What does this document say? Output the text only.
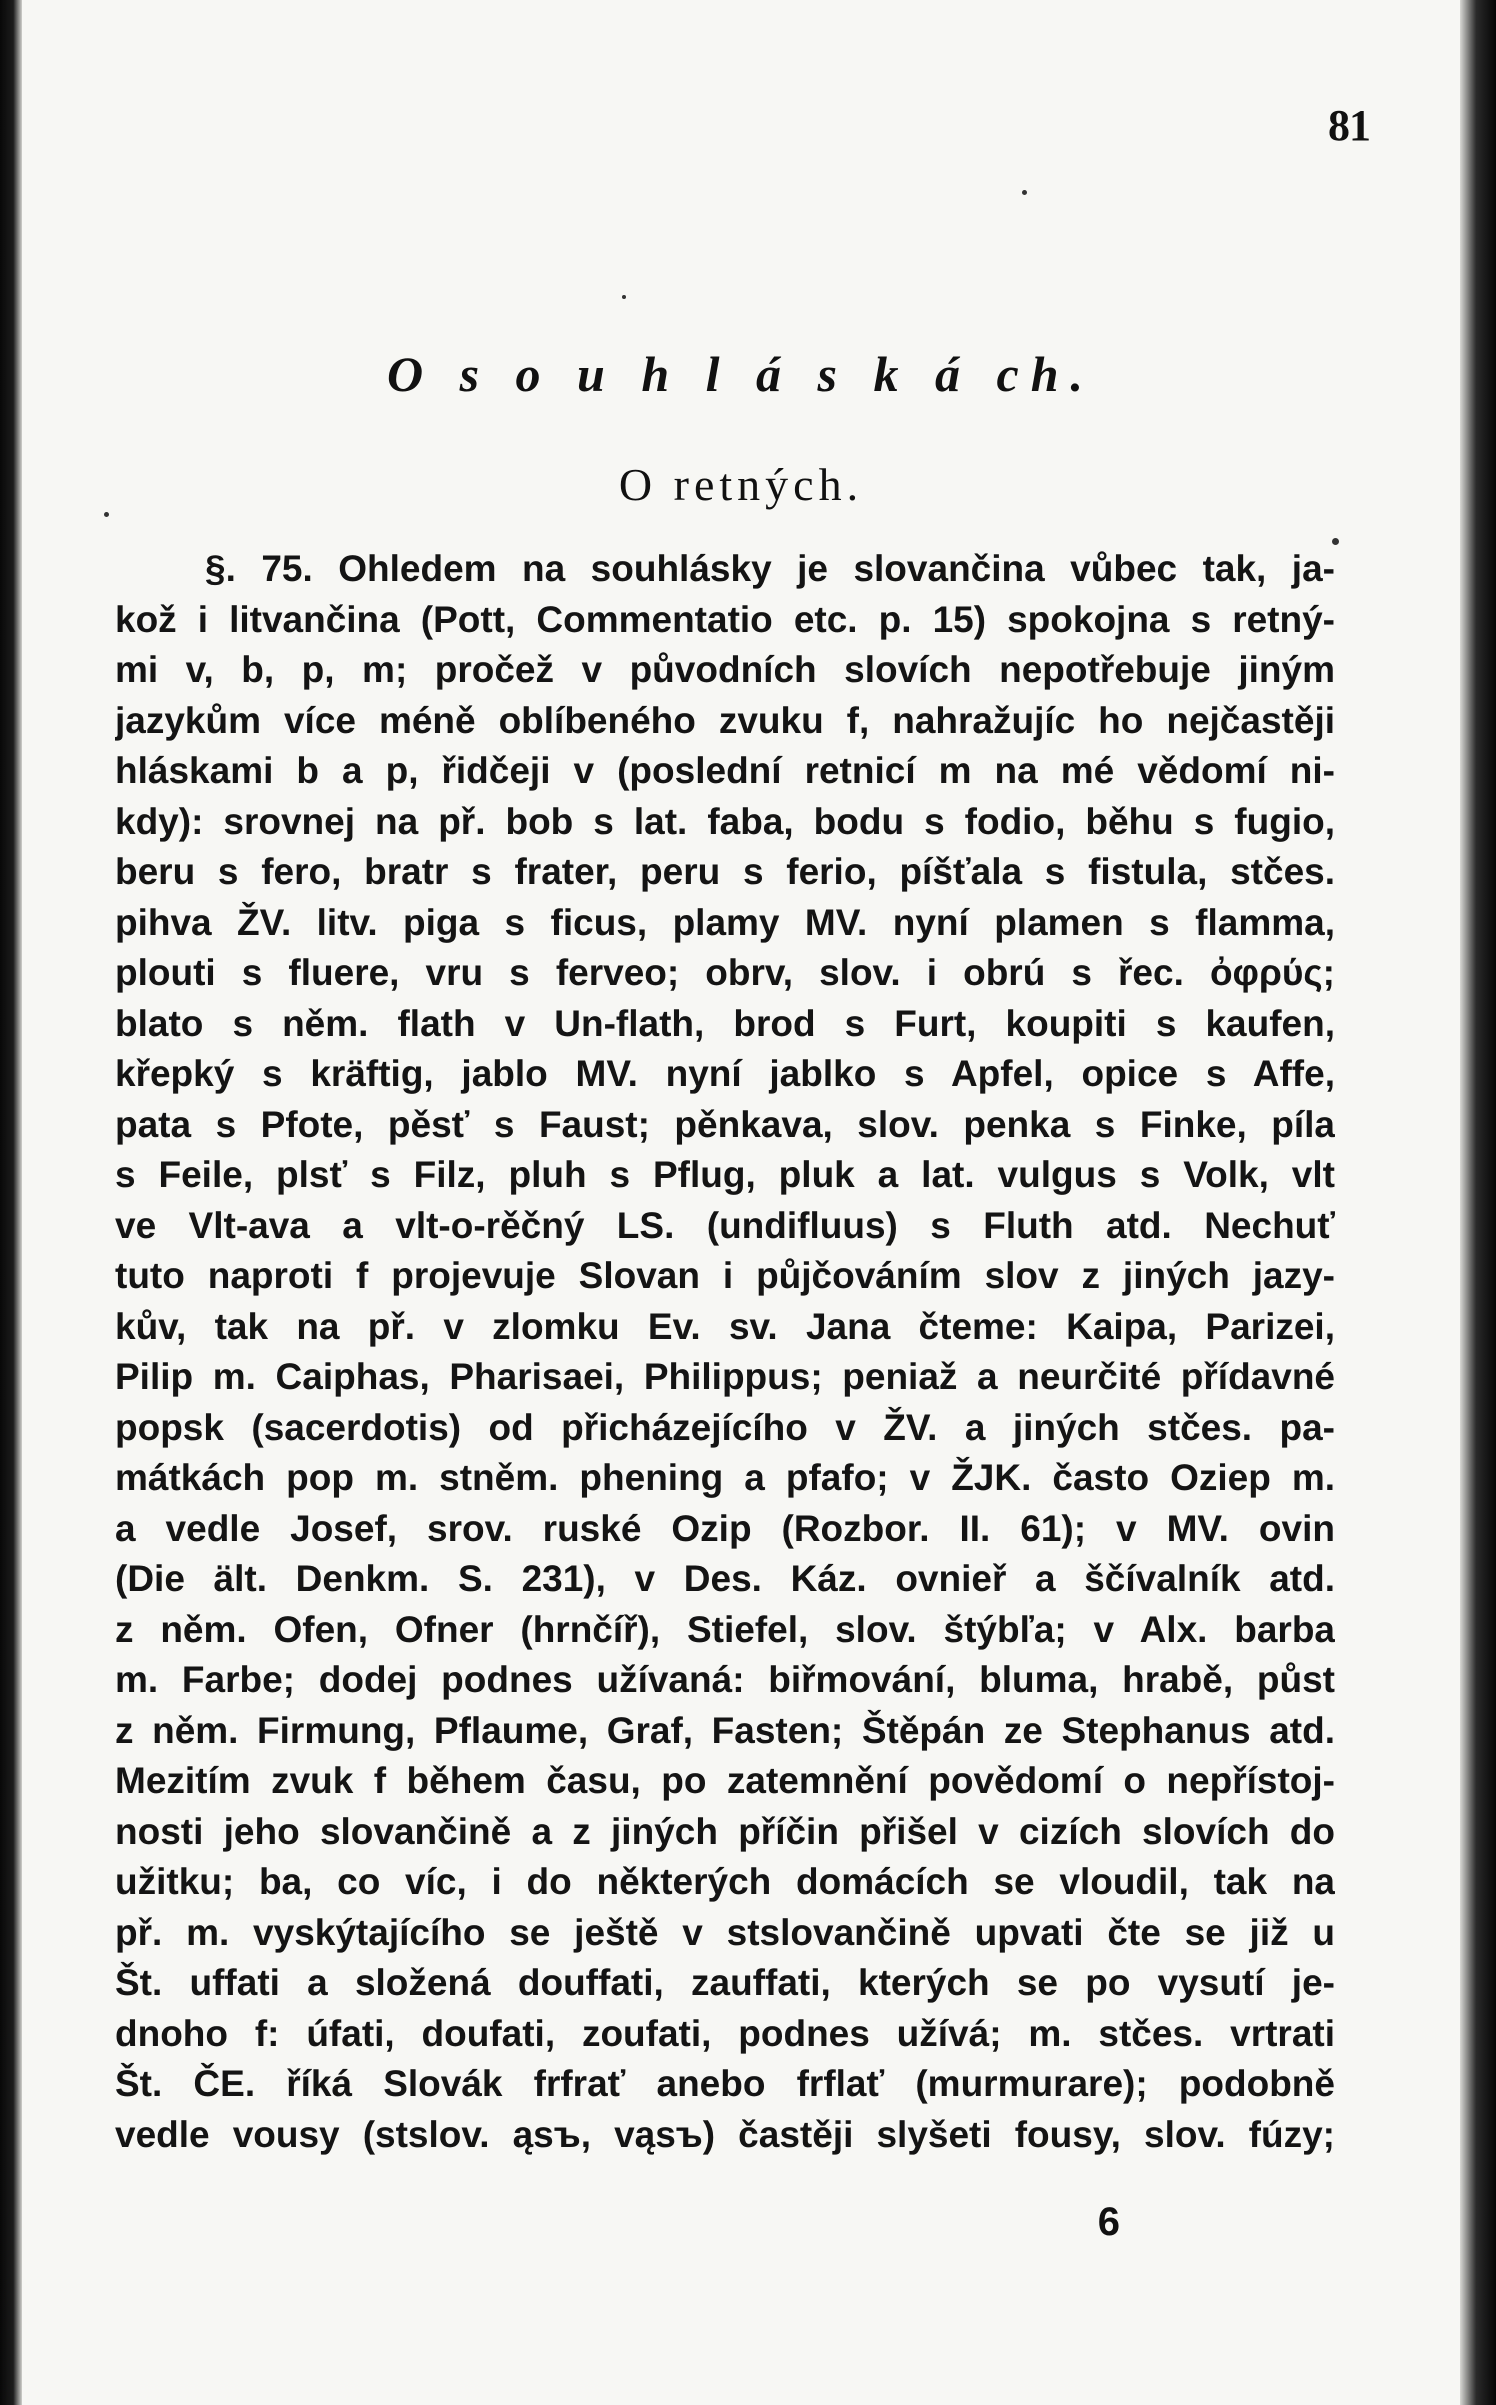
81
O s o u h l á s k á ch.
O retných.
§. 75. Ohledem na souhlásky je slovančina vůbec tak, ja-
kož i litvančina (Pott, Commentatio etc. p. 15) spokojna s retný-
mi v, b, p, m; pročež v původních slovích nepotřebuje jiným
jazykům více méně oblíbeného zvuku f, nahražujíc ho nejčastěji
hláskami b a p, řidčeji v (poslední retnicí m na mé vědomí ni-
kdy): srovnej na př. bob s lat. faba, bodu s fodio, běhu s fugio,
beru s fero, bratr s frater, peru s ferio, píšťala s fistula, stčes.
pihva ŽV. litv. piga s ficus, plamy MV. nyní plamen s flamma,
plouti s fluere, vru s ferveo; obrv, slov. i obrú s řec. ὀφρύς;
blato s něm. flath v Un-flath, brod s Furt, koupiti s kaufen,
křepký s kräftig, jablo MV. nyní jablko s Apfel, opice s Affe,
pata s Pfote, pěsť s Faust; pěnkava, slov. penka s Finke, píla
s Feile, plsť s Filz, pluh s Pflug, pluk a lat. vulgus s Volk, vlt
ve Vlt-ava a vlt-o-rěčný LS. (undifluus) s Fluth atd. Nechuť
tuto naproti f projevuje Slovan i půjčováním slov z jiných jazy-
kův, tak na př. v zlomku Ev. sv. Jana čteme: Kaipa, Parizei,
Pilip m. Caiphas, Pharisaei, Philippus; peniaž a neurčité přídavné
popsk (sacerdotis) od přicházejícího v ŽV. a jiných stčes. pa-
mátkách pop m. stněm. phening a pfafo; v ŽJK. často Oziep m.
a vedle Josef, srov. ruské Ozip (Rozbor. II. 61); v MV. ovin
(Die ält. Denkm. S. 231), v Des. Káz. ovnieř a ščívalník atd.
z něm. Ofen, Ofner (hrnčíř), Stiefel, slov. štýbľa; v Alx. barba
m. Farbe; dodej podnes užívaná: biřmování, bluma, hrabě, půst
z něm. Firmung, Pflaume, Graf, Fasten; Štěpán ze Stephanus atd.
Mezitím zvuk f během času, po zatemnění povědomí o nepřístoj-
nosti jeho slovančině a z jiných příčin přišel v cizích slovích do
užitku; ba, co víc, i do některých domácích se vloudil, tak na
př. m. vyskýtajícího se ještě v stslovančině upvati čte se již u
Št. uffati a složená douffati, zauffati, kterých se po vysutí je-
dnoho f: úfati, doufati, zoufati, podnes užívá; m. stčes. vrtrati
Št. ČE. říká Slovák frfrať anebo frflať (murmurare); podobně
vedle vousy (stslov. ąsъ, vąsъ) častěji slyšeti fousy, slov. fúzy;
6
